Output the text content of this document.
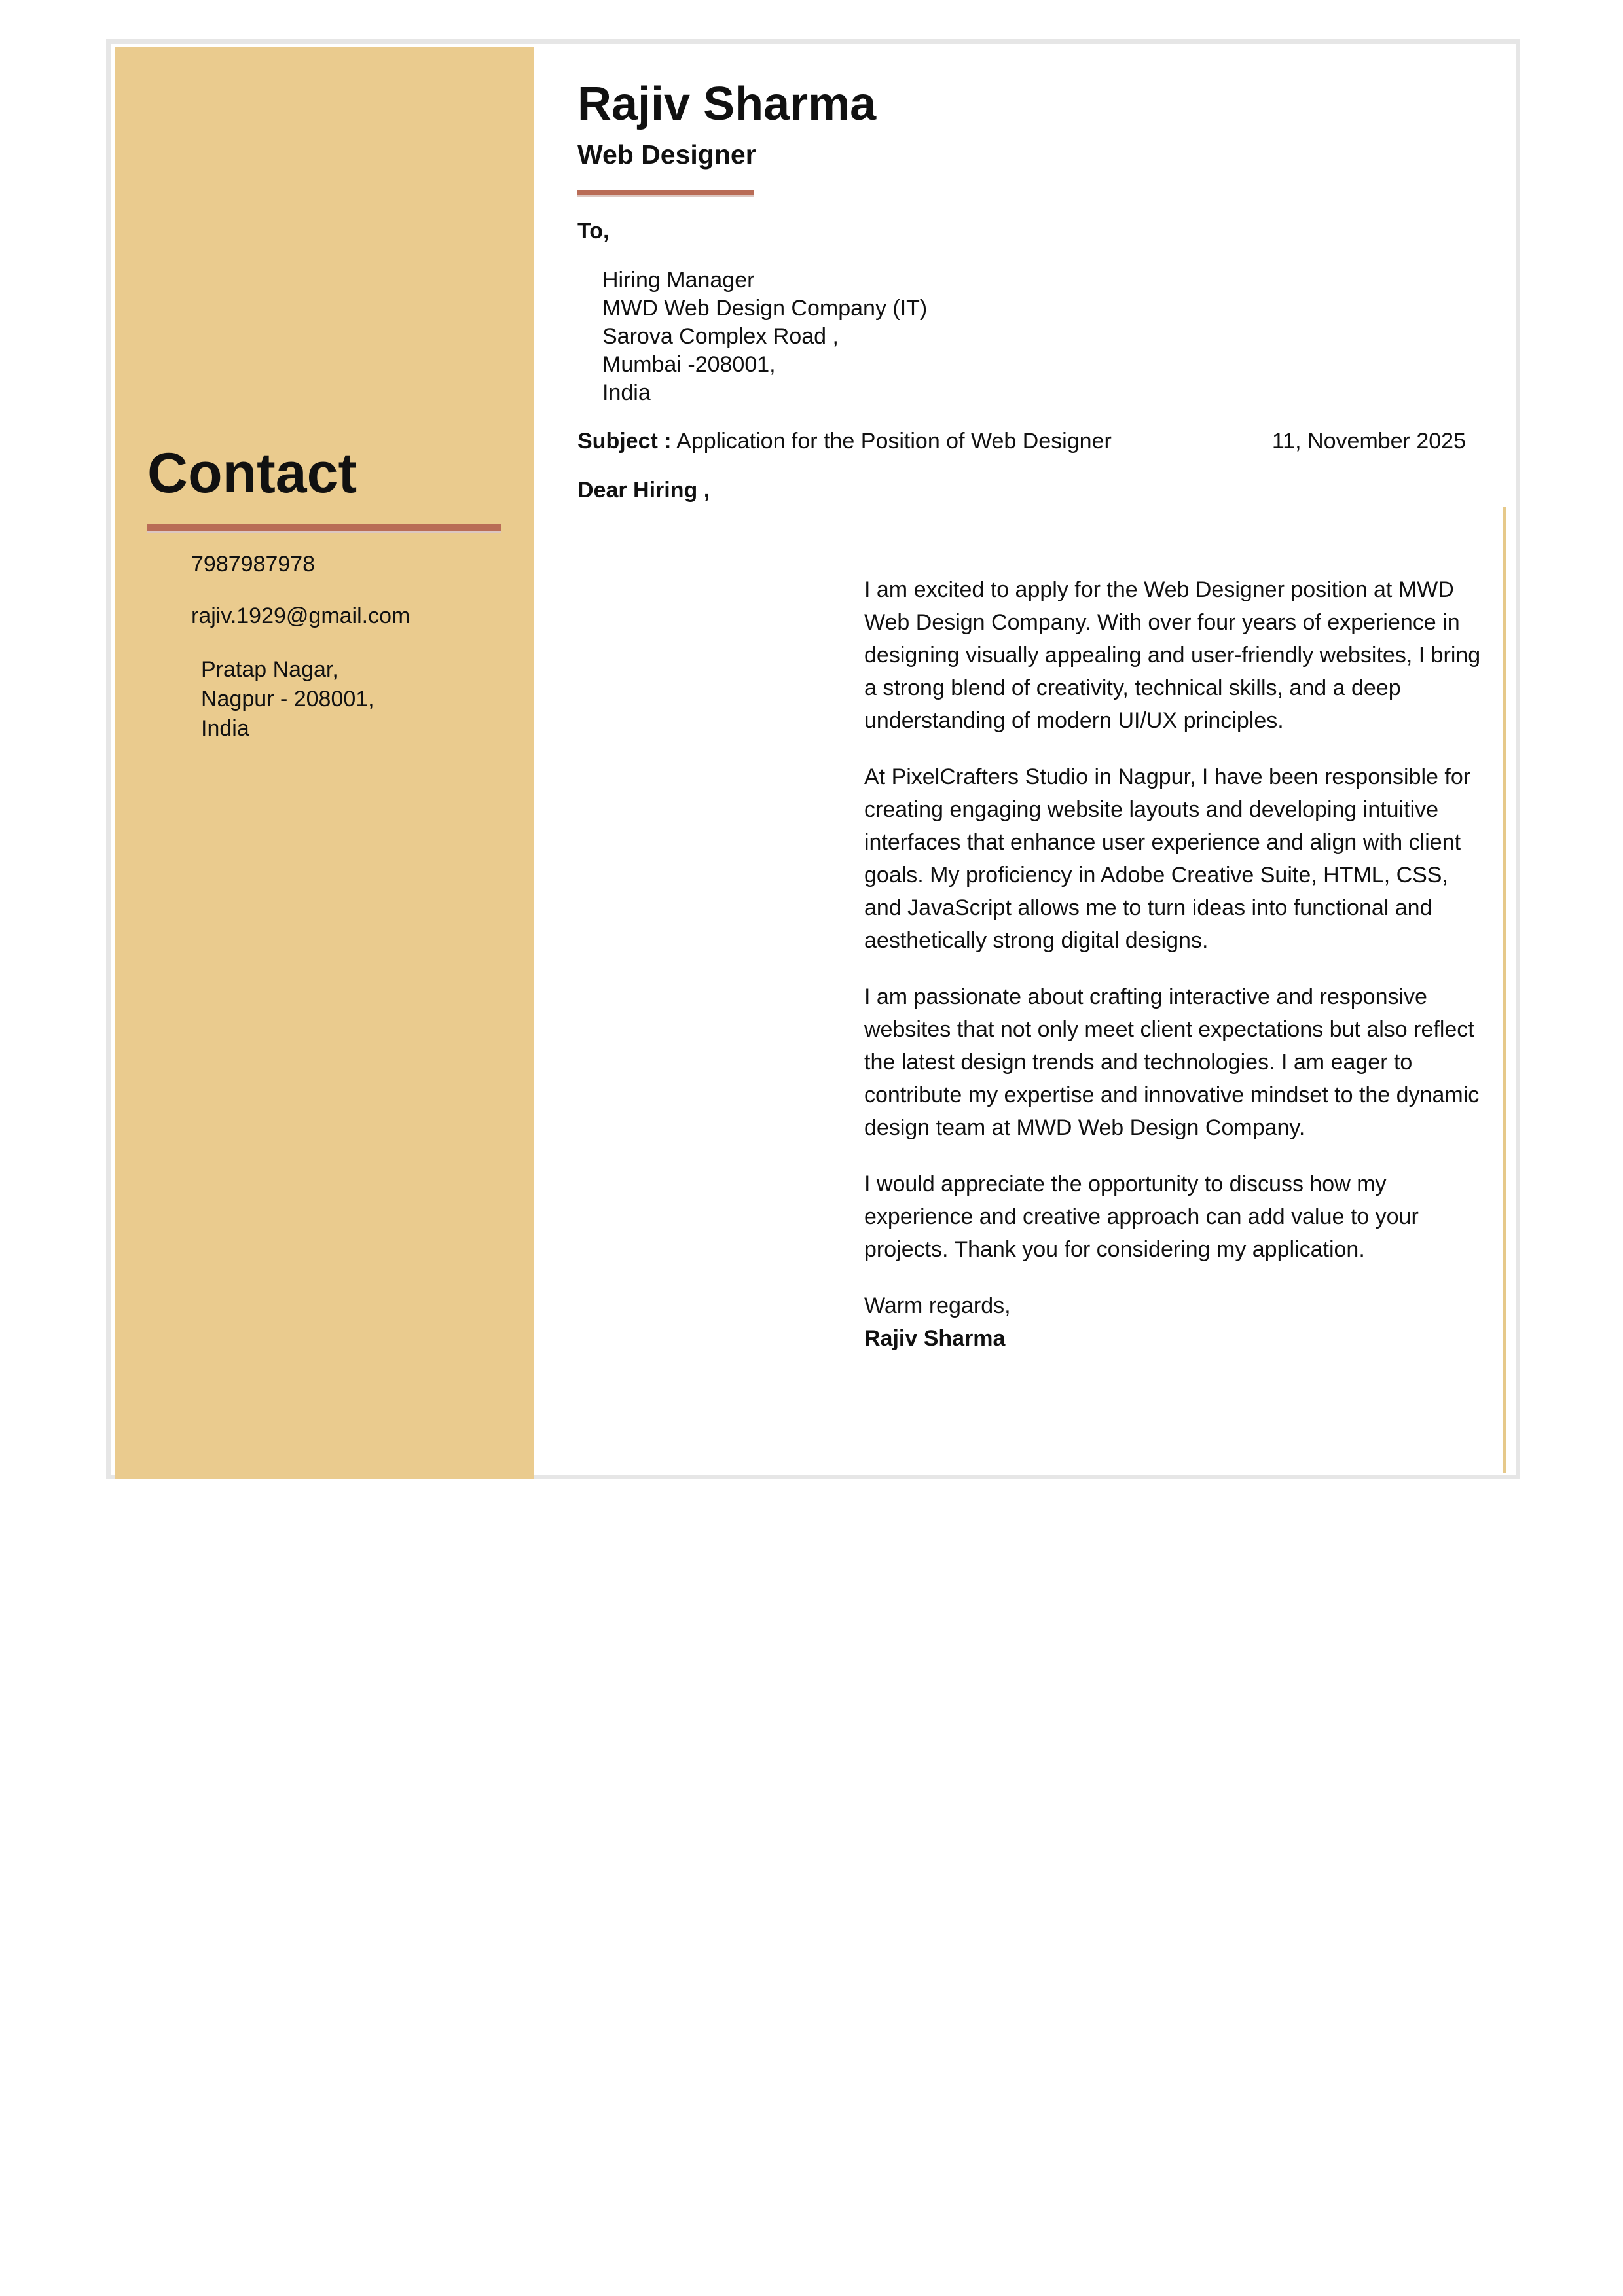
Contact

7987987978

rajiv.1929@gmail.com

Pratap Nagar,
Nagpur - 208001,
India
Rajiv Sharma
Web Designer
To,
Hiring Manager
MWD Web Design Company (IT)
Sarova Complex Road ,
Mumbai -208001,
India
Subject : Application for the Position of Web Designer	11, November 2025
Dear Hiring ,

I am excited to apply for the Web Designer position at MWD Web Design Company. With over four years of experience in designing visually appealing and user-friendly websites, I bring a strong blend of creativity, technical skills, and a deep understanding of modern UI/UX principles.

At PixelCrafters Studio in Nagpur, I have been responsible for creating engaging website layouts and developing intuitive interfaces that enhance user experience and align with client goals. My proficiency in Adobe Creative Suite, HTML, CSS, and JavaScript allows me to turn ideas into functional and aesthetically strong digital designs.

I am passionate about crafting interactive and responsive websites that not only meet client expectations but also reflect the latest design trends and technologies. I am eager to contribute my expertise and innovative mindset to the dynamic design team at MWD Web Design Company.

I would appreciate the opportunity to discuss how my experience and creative approach can add value to your projects. Thank you for considering my application.

Warm regards,
Rajiv Sharma
